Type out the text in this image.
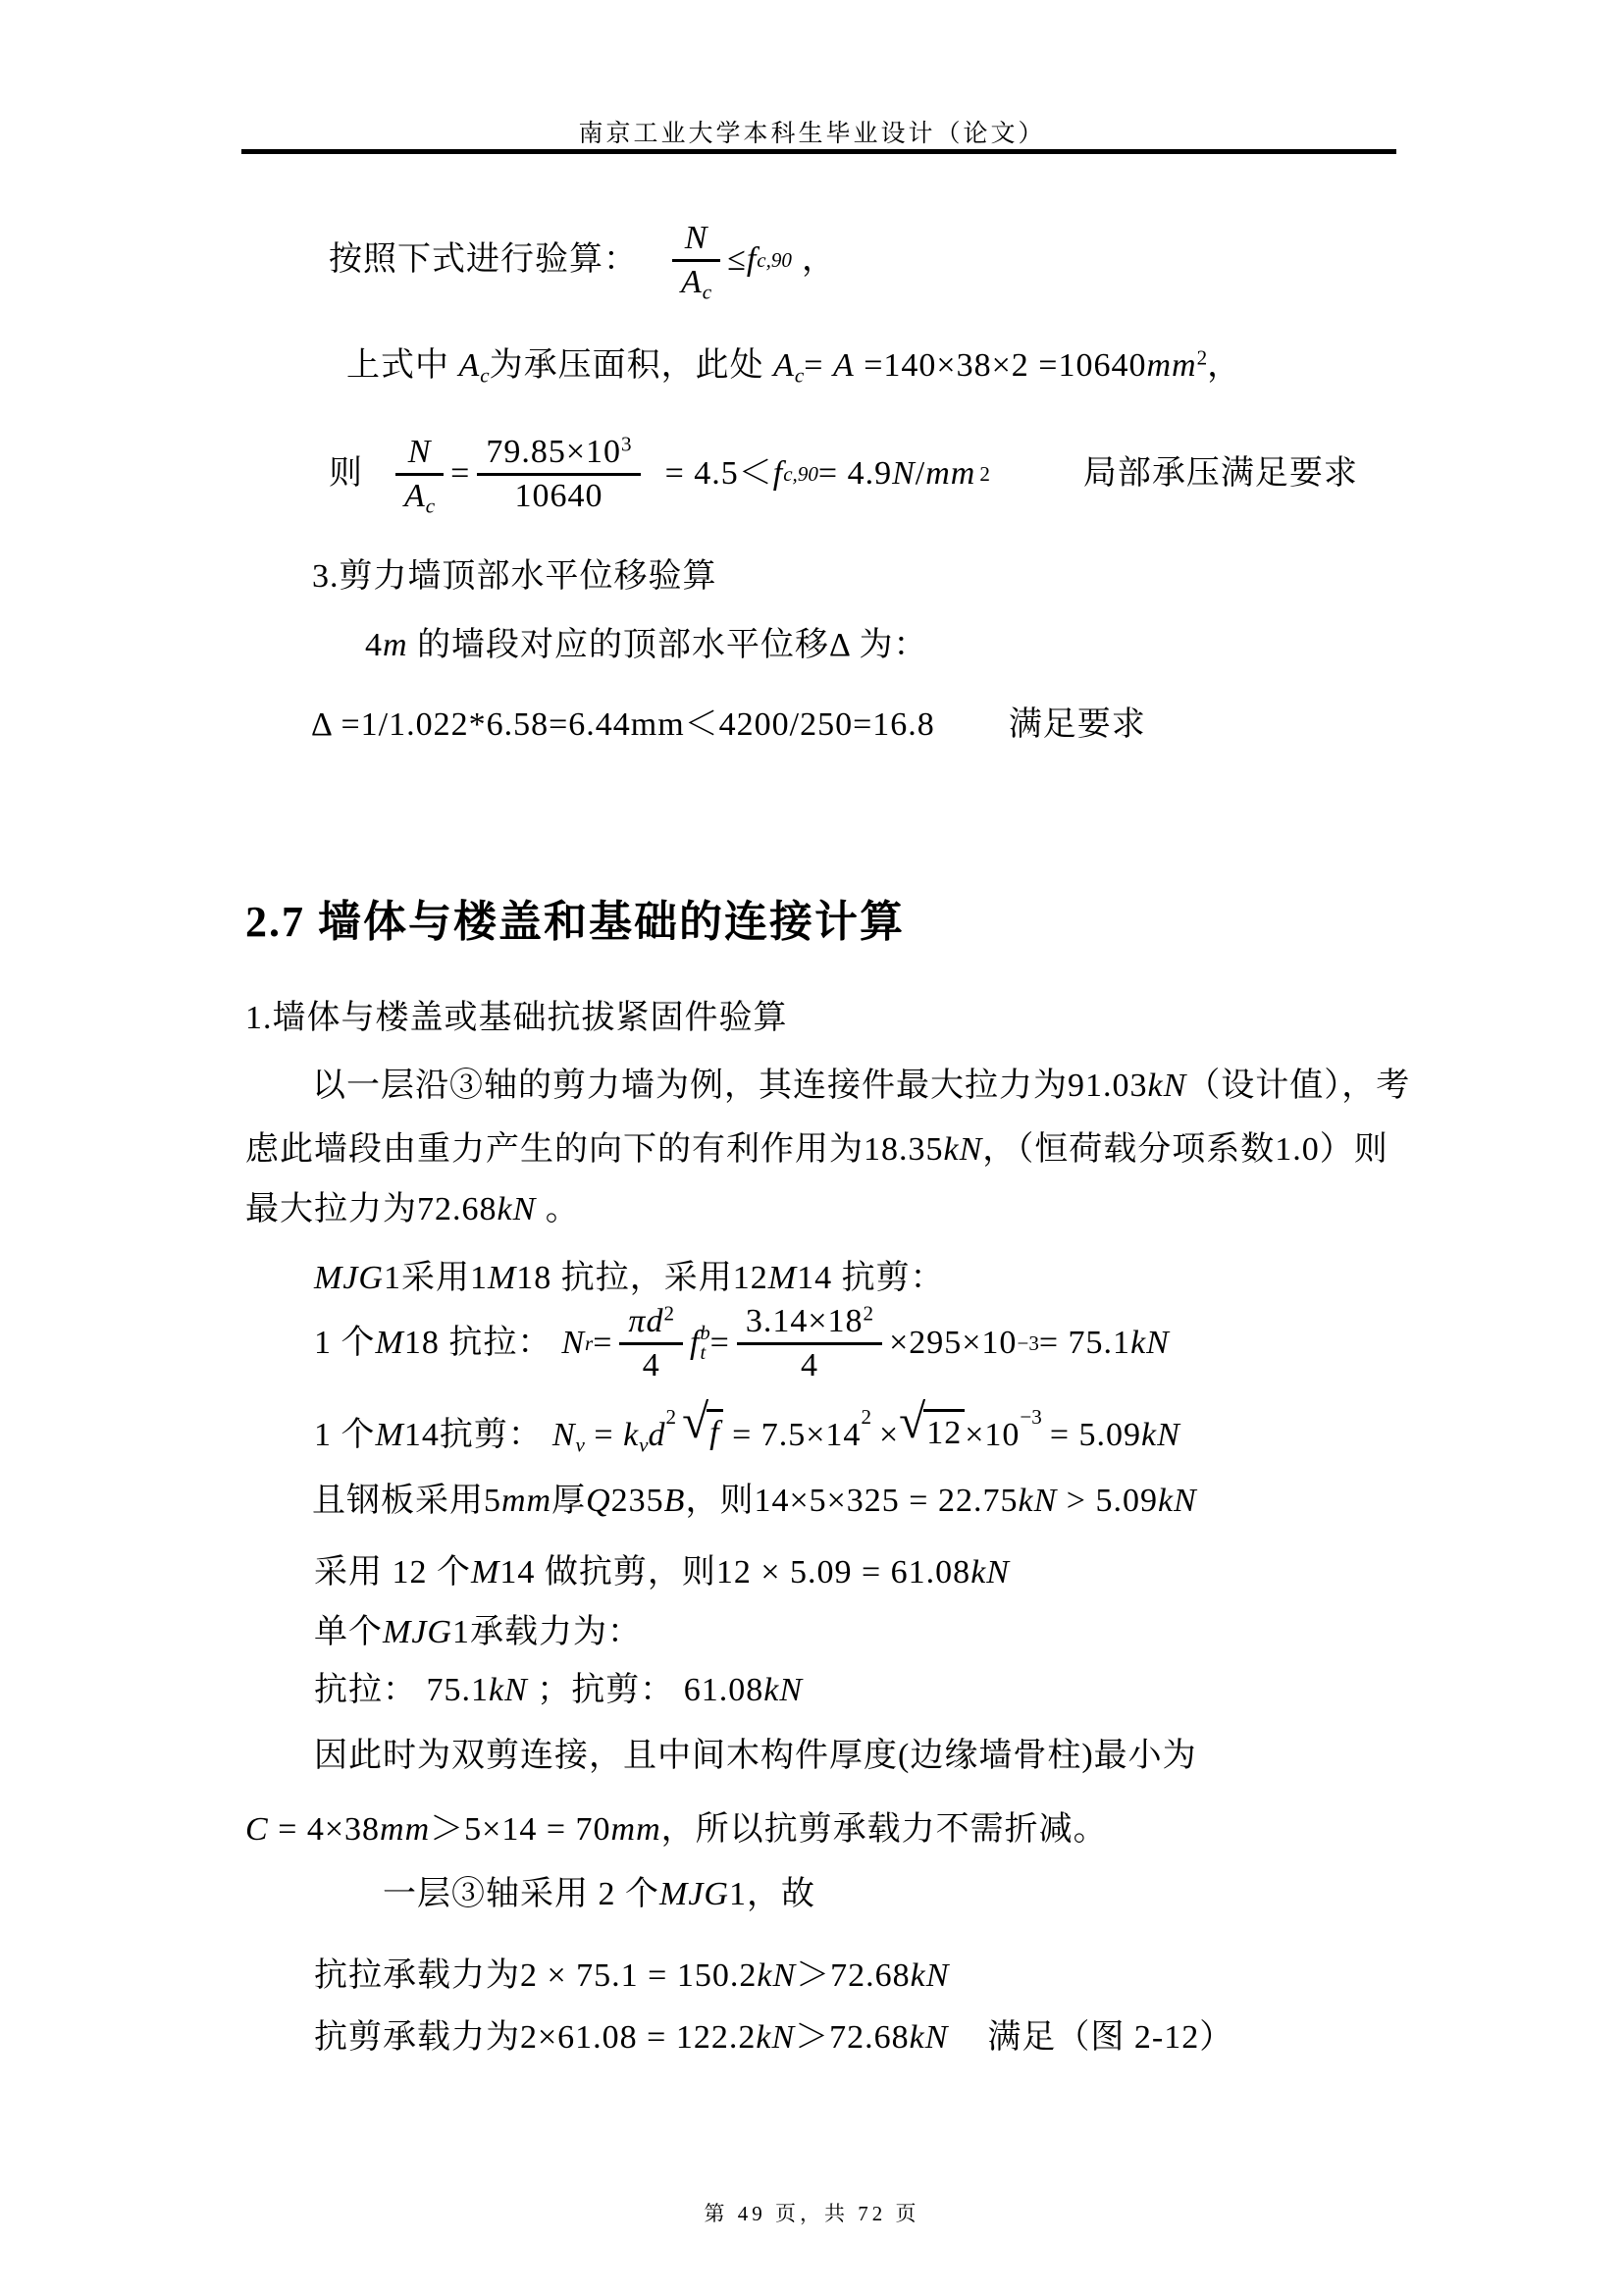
南京工业大学本科生毕业设计（论文）
按照下式进行验算： $\frac{N}{A_c} \le f$ c,90 ，
上式中 $A_c$为承压面积，此处 $A_c= A =140\times 38\times 2 =10640mm^2$，
则 $\frac{N}{A_c} = \frac{79.85\times 10^3}{10640} = 4.5< f$ c,90 = 4.9 N / mm 2	局部承压满足要求
3.剪力墙顶部水平位移验算
4m 的墙段对应的顶部水平位移Δ 为：
Δ =1/1.022*6.58=6.44mm＜4200/250=16.8 满足要求
2.7 墙体与楼盖和基础的连接计算
1.墙体与楼盖或基础抗拔紧固件验算
以一层沿③轴的剪力墙为例，其连接件最大拉力为91.03kN（设计值），考
虑此墙段由重力产生的向下的有利作用为18.35kN，（恒荷载分项系数1.0）则
最大拉力为72.68kN 。
MJG1采用1M18 抗拉，采用12M14 抗剪：
1 个 M 18 抗拉： N $r = \frac{\pi d^2}{4}$ f b
$t = \frac{3.14\times 18^2}{4} \times 295\times 10 -3 = 75.1$ kN
1 个M14抗剪： $N_v = k_vd^2$ √ $f = 7.5\times 14^2\times$ √ $12 \times 10^{-3}= 5.09kN$
且钢板采用5mm厚Q235B，则14×5×325 = 22.75kN > 5.09kN
采用 12 个M14 做抗剪，则12 × 5.09 = 61.08kN
单个MJG1承载力为：
抗拉： 75.1kN ；抗剪： 61.08kN
因此时为双剪连接，且中间木构件厚度(边缘墙骨柱)最小为
C = 4×38mm＞5×14 = 70mm，所以抗剪承载力不需折减。
一层③轴采用 2 个MJG1，故
抗拉承载力为2 × 75.1 = 150.2kN＞72.68kN
抗剪承载力为2×61.08 = 122.2kN＞72.68kN 满足（图 2-12）
第 49 页，共 72 页
